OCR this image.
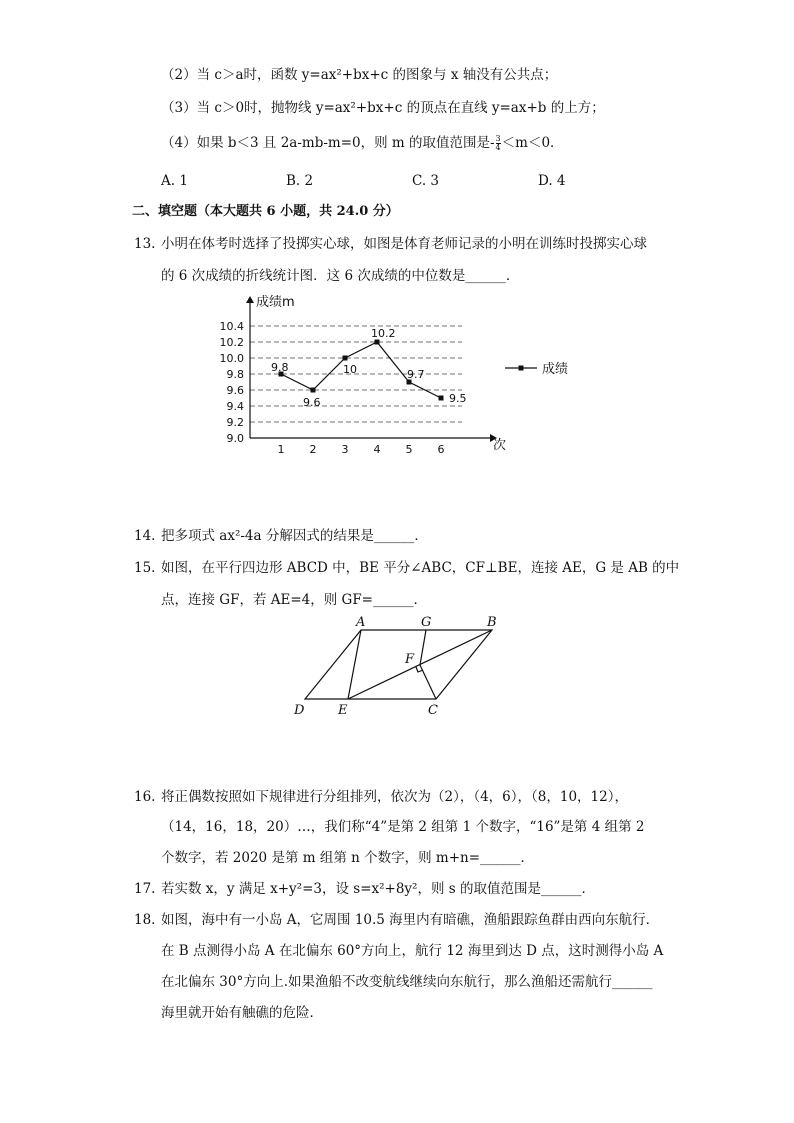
（2）当 c＞a时，函数 y=ax²+bx+c 的图象与 x 轴没有公共点；
（3）当 c＞0时，抛物线 y=ax²+bx+c 的顶点在直线 y=ax+b 的上方；
（4）如果 b＜3 且 2a-mb-m=0，则 m 的取值范围是- $\frac{3}{4} <m<0$．
A. 1	B. 2	C. 3	D. 4
二、填空题（本大题共 6 小题，共 24.0 分）
13. 小明在体考时选择了投掷实心球，如图是体育老师记录的小明在训练时投掷实心球
的 6 次成绩的折线统计图．这 6 次成绩的中位数是______．
成绩m
次
9.0
9.2
9.4
9.6
9.8
10.0
10.2
10.4
1 2 3 4 5 6
9.8
9.6
10
10.2
9.7
9.5
成绩
14. 把多项式 ax²-4a 分解因式的结果是______．
15. 如图，在平行四边形 ABCD 中，BE 平分∠ABC，CF⊥BE，连接 AE，G 是 AB 的中
点，连接 GF，若 AE=4，则 GF=______．
A	G	B
F
D	E	C
16. 将正偶数按照如下规律进行分组排列，依次为（2），（4，6），（8，10，12），
（14，16，18，20）…，我们称“4”是第 2 组第 1 个数字，“16”是第 4 组第 2
个数字，若 2020 是第 m 组第 n 个数字，则 m+n=______．
17. 若实数 x，y 满足 x+y²=3，设 s=x²+8y²，则 s 的取值范围是______．
18. 如图，海中有一小岛 A，它周围 10.5 海里内有暗礁，渔船跟踪鱼群由西向东航行．
在 B 点测得小岛 A 在北偏东 60°方向上，航行 12 海里到达 D 点，这时测得小岛 A
在北偏东 30°方向上.如果渔船不改变航线继续向东航行，那么渔船还需航行______
海里就开始有触礁的危险．
